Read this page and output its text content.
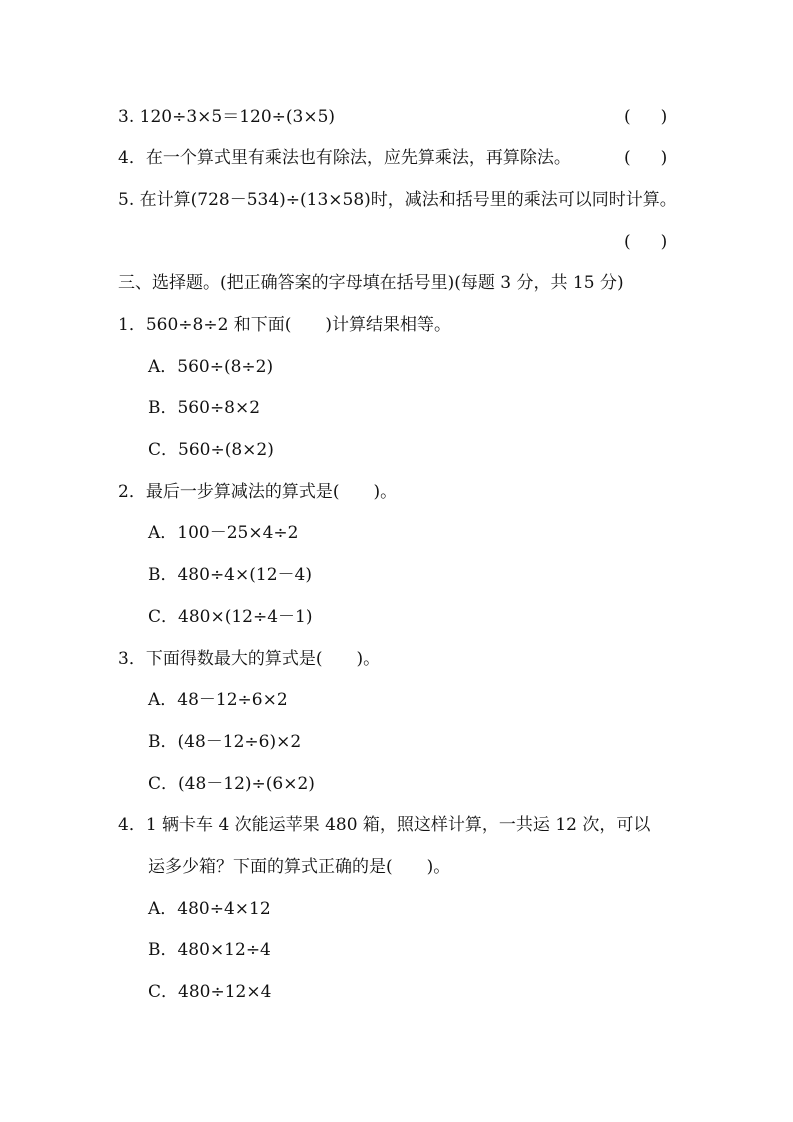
3. 120÷3×5＝120÷(3×5)	( )
4．在一个算式里有乘法也有除法，应先算乘法，再算除法。	( )
5. 在计算(728－534)÷(13×58)时，减法和括号里的乘法可以同时计算。
( )
三、选择题。(把正确答案的字母填在括号里)(每题 3 分，共 15 分)
1．560÷8÷2 和下面(　　)计算结果相等。
A．560÷(8÷2)
B．560÷8×2
C．560÷(8×2)
2．最后一步算减法的算式是(　　)。
A．100－25×4÷2
B．480÷4×(12－4)
C．480×(12÷4－1)
3．下面得数最大的算式是(　　)。
A．48－12÷6×2
B．(48－12÷6)×2
C．(48－12)÷(6×2)
4．1 辆卡车 4 次能运苹果 480 箱，照这样计算，一共运 12 次，可以
运多少箱？下面的算式正确的是(　　)。
A．480÷4×12
B．480×12÷4
C．480÷12×4
